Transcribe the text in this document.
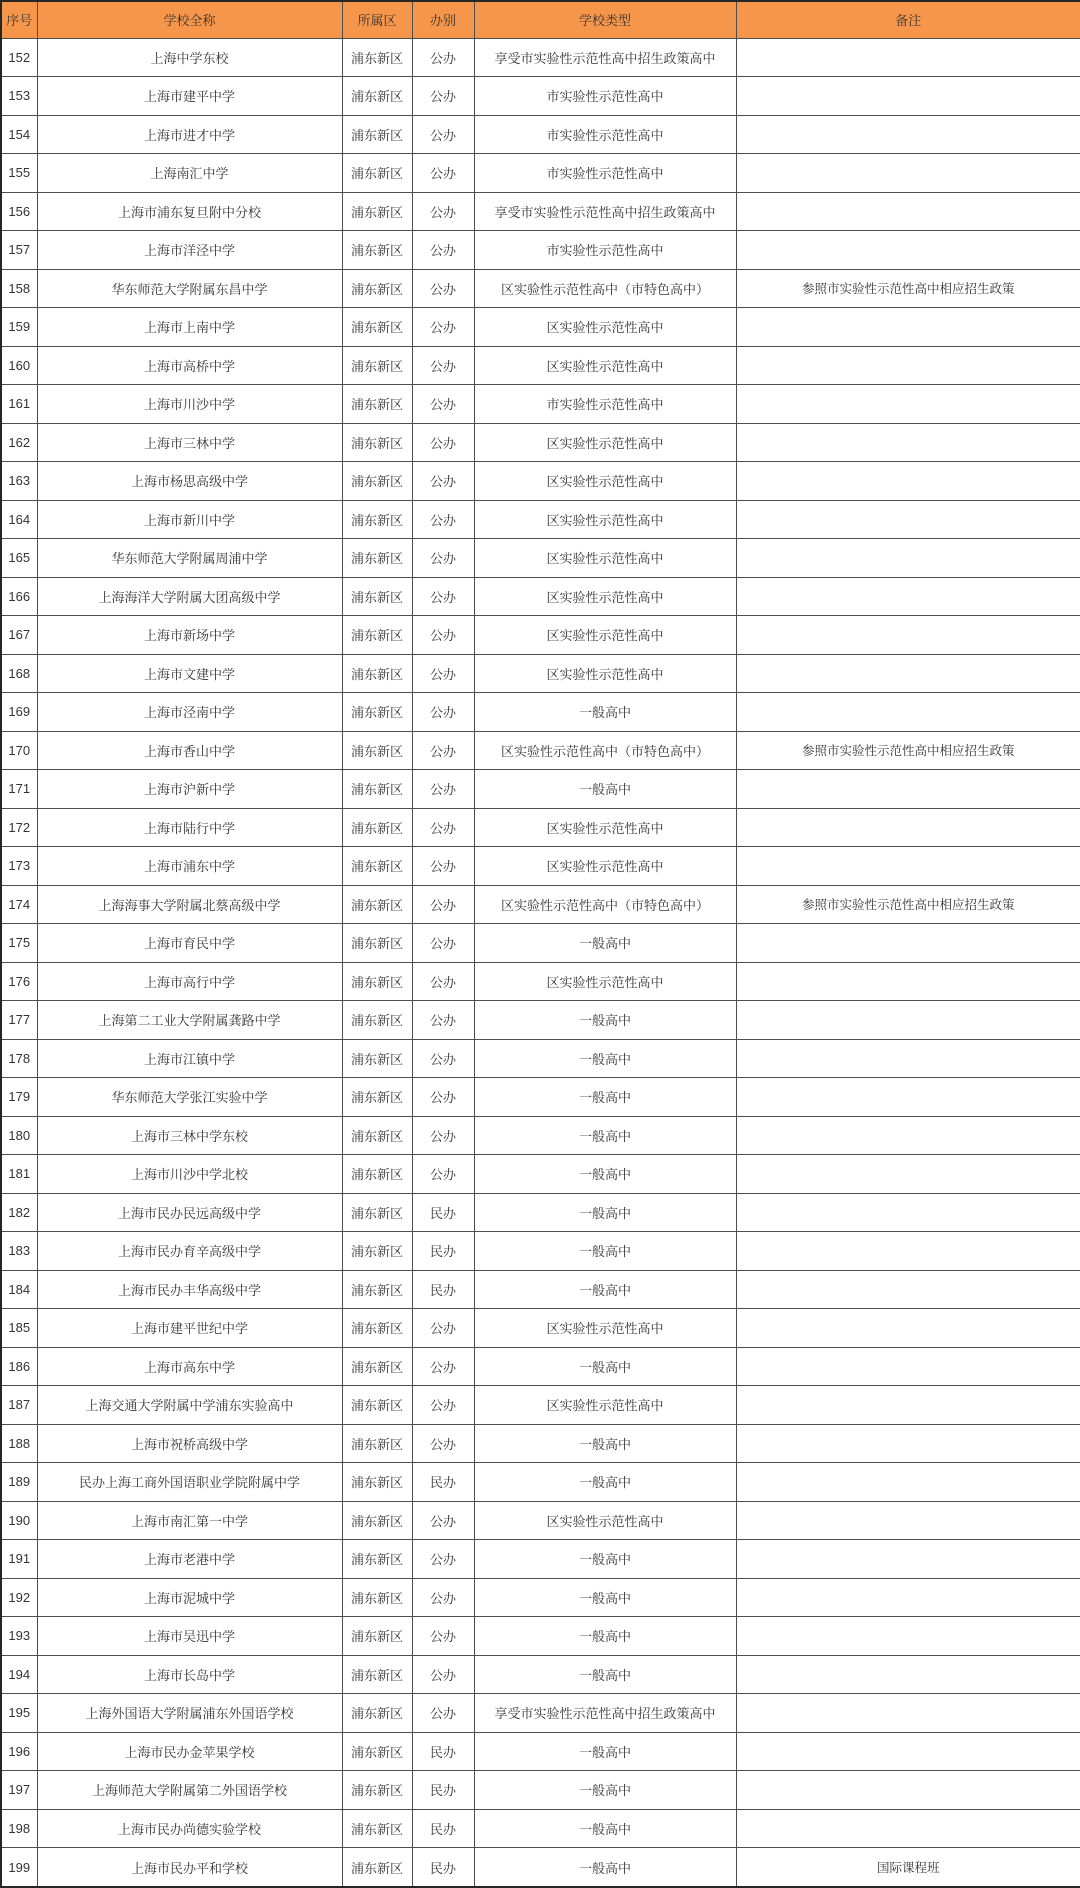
序号	学校全称	所属区	办别	学校类型	备注
152	上海中学东校	浦东新区	公办	享受市实验性示范性高中招生政策高中	
153	上海市建平中学	浦东新区	公办	市实验性示范性高中	
154	上海市进才中学	浦东新区	公办	市实验性示范性高中	
155	上海南汇中学	浦东新区	公办	市实验性示范性高中	
156	上海市浦东复旦附中分校	浦东新区	公办	享受市实验性示范性高中招生政策高中	
157	上海市洋泾中学	浦东新区	公办	市实验性示范性高中	
158	华东师范大学附属东昌中学	浦东新区	公办	区实验性示范性高中（市特色高中）	参照市实验性示范性高中相应招生政策
159	上海市上南中学	浦东新区	公办	区实验性示范性高中	
160	上海市高桥中学	浦东新区	公办	区实验性示范性高中	
161	上海市川沙中学	浦东新区	公办	市实验性示范性高中	
162	上海市三林中学	浦东新区	公办	区实验性示范性高中	
163	上海市杨思高级中学	浦东新区	公办	区实验性示范性高中	
164	上海市新川中学	浦东新区	公办	区实验性示范性高中	
165	华东师范大学附属周浦中学	浦东新区	公办	区实验性示范性高中	
166	上海海洋大学附属大团高级中学	浦东新区	公办	区实验性示范性高中	
167	上海市新场中学	浦东新区	公办	区实验性示范性高中	
168	上海市文建中学	浦东新区	公办	区实验性示范性高中	
169	上海市泾南中学	浦东新区	公办	一般高中	
170	上海市香山中学	浦东新区	公办	区实验性示范性高中（市特色高中）	参照市实验性示范性高中相应招生政策
171	上海市沪新中学	浦东新区	公办	一般高中	
172	上海市陆行中学	浦东新区	公办	区实验性示范性高中	
173	上海市浦东中学	浦东新区	公办	区实验性示范性高中	
174	上海海事大学附属北蔡高级中学	浦东新区	公办	区实验性示范性高中（市特色高中）	参照市实验性示范性高中相应招生政策
175	上海市育民中学	浦东新区	公办	一般高中	
176	上海市高行中学	浦东新区	公办	区实验性示范性高中	
177	上海第二工业大学附属龚路中学	浦东新区	公办	一般高中	
178	上海市江镇中学	浦东新区	公办	一般高中	
179	华东师范大学张江实验中学	浦东新区	公办	一般高中	
180	上海市三林中学东校	浦东新区	公办	一般高中	
181	上海市川沙中学北校	浦东新区	公办	一般高中	
182	上海市民办民远高级中学	浦东新区	民办	一般高中	
183	上海市民办育辛高级中学	浦东新区	民办	一般高中	
184	上海市民办丰华高级中学	浦东新区	民办	一般高中	
185	上海市建平世纪中学	浦东新区	公办	区实验性示范性高中	
186	上海市高东中学	浦东新区	公办	一般高中	
187	上海交通大学附属中学浦东实验高中	浦东新区	公办	区实验性示范性高中	
188	上海市祝桥高级中学	浦东新区	公办	一般高中	
189	民办上海工商外国语职业学院附属中学	浦东新区	民办	一般高中	
190	上海市南汇第一中学	浦东新区	公办	区实验性示范性高中	
191	上海市老港中学	浦东新区	公办	一般高中	
192	上海市泥城中学	浦东新区	公办	一般高中	
193	上海市吴迅中学	浦东新区	公办	一般高中	
194	上海市长岛中学	浦东新区	公办	一般高中	
195	上海外国语大学附属浦东外国语学校	浦东新区	公办	享受市实验性示范性高中招生政策高中	
196	上海市民办金苹果学校	浦东新区	民办	一般高中	
197	上海师范大学附属第二外国语学校	浦东新区	民办	一般高中	
198	上海市民办尚德实验学校	浦东新区	民办	一般高中	
199	上海市民办平和学校	浦东新区	民办	一般高中	国际课程班
